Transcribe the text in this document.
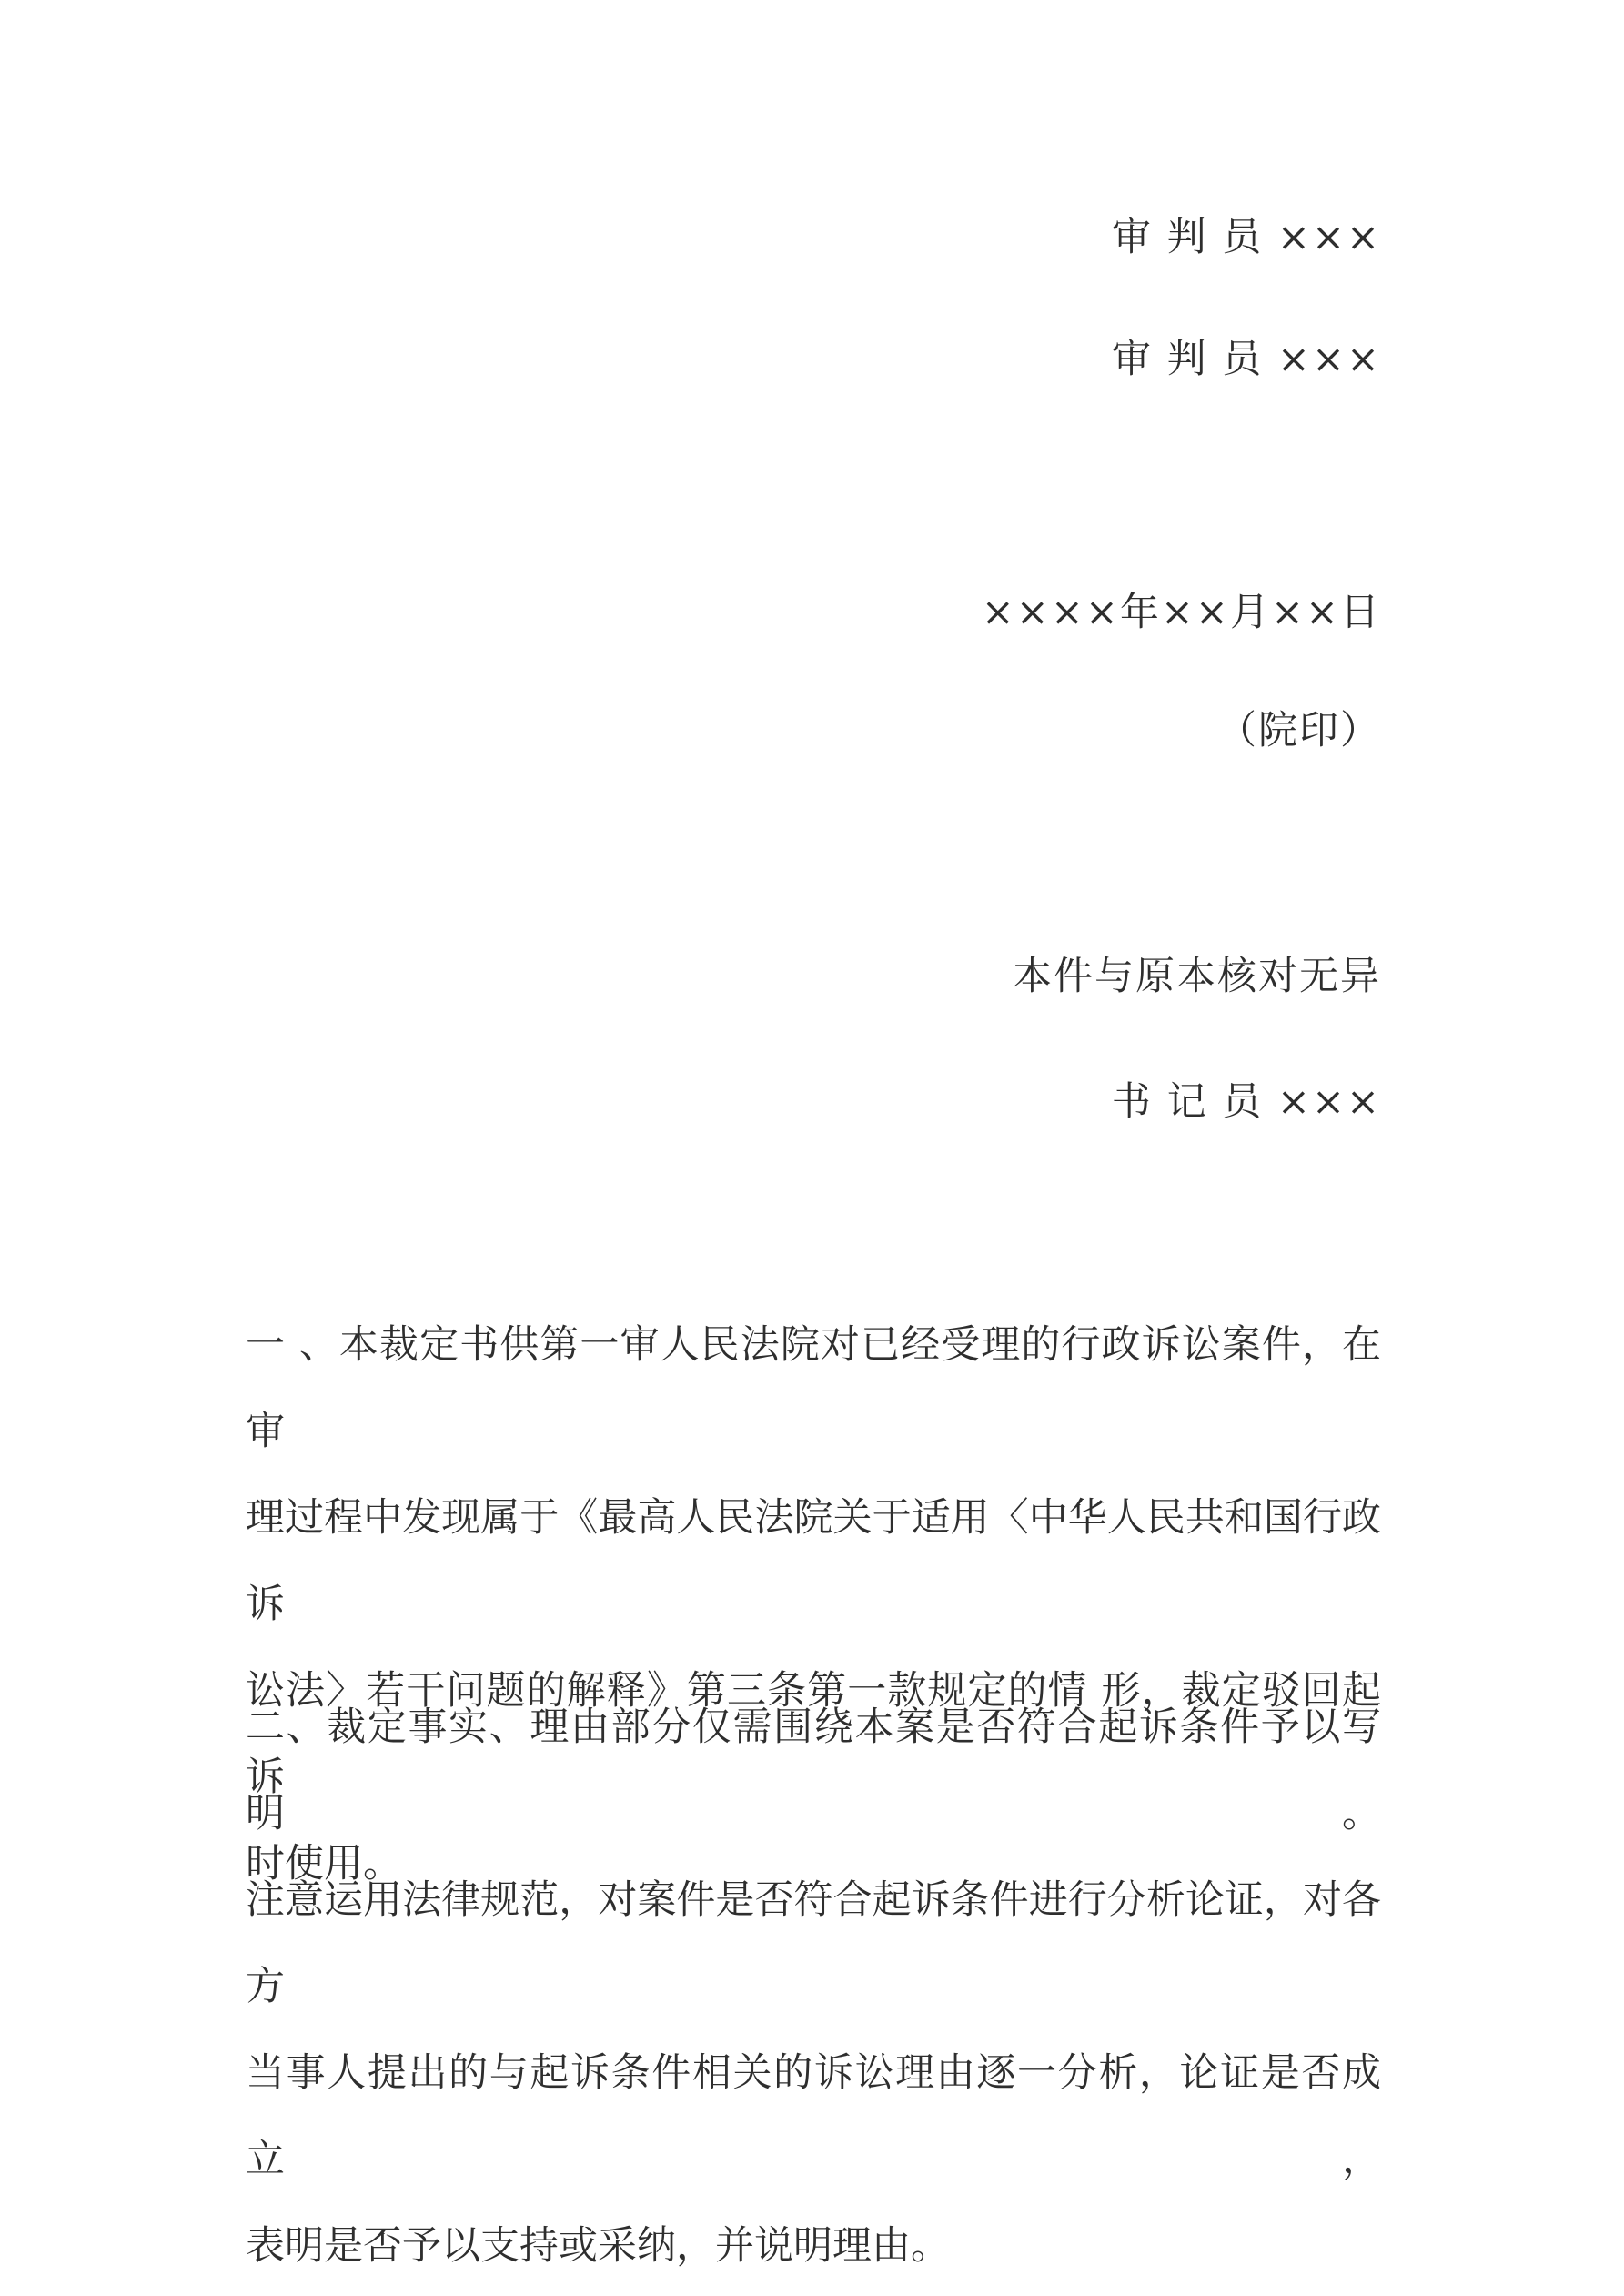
审 判 员 ×××
审 判 员 ×××
××××年××月××日
（院印）
本件与原本核对无异
书 记 员 ×××
一 、本裁定书供第一审人民法院对已经受理的行政诉讼案件，在审
理过程中发现属于《最高人民法院关于适用〈中华人民共和国行政诉
讼法〉若干问题的解释》第三条第一款规定的情 形，裁定驳回起诉
时使用。
二、裁定事实、理由部分仅需围绕本案是否符合起诉条件予以写明。
注意运用法律规范，对案件是否符合起诉条件进行分析论证，对各方
当事人提出的与起诉条件相关的诉讼理由逐一分析，论证是否成立，
表明是否予以支持或采纳，并说明理由。
